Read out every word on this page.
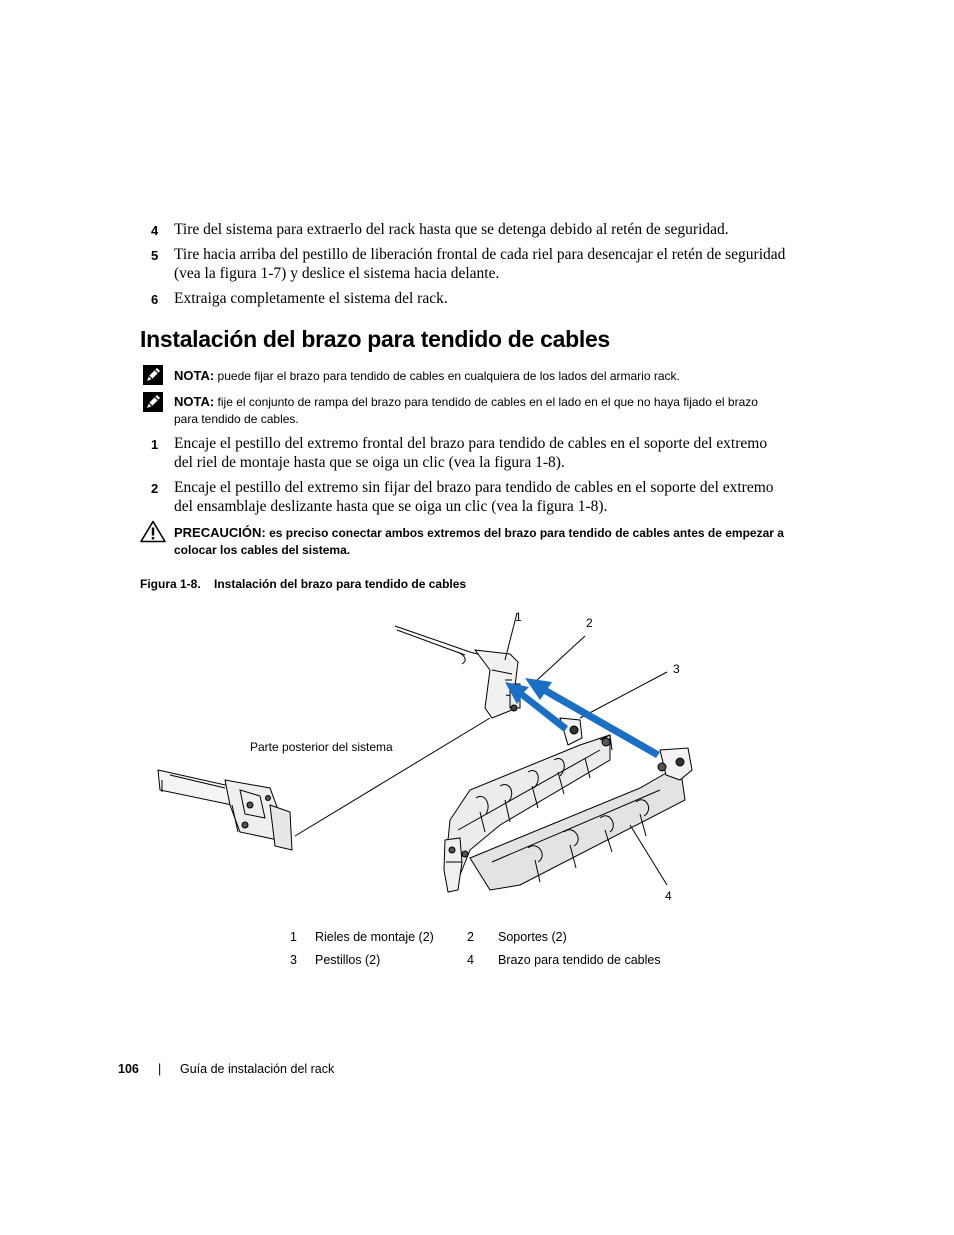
4 Tire del sistema para extraerlo del rack hasta que se detenga debido al retén de seguridad.
5 Tire hacia arriba del pestillo de liberación frontal de cada riel para desencajar el retén de seguridad (vea la figura 1-7) y deslice el sistema hacia delante.
6 Extraiga completamente el sistema del rack.
Instalación del brazo para tendido de cables
NOTA: puede fijar el brazo para tendido de cables en cualquiera de los lados del armario rack.
NOTA: fije el conjunto de rampa del brazo para tendido de cables en el lado en el que no haya fijado el brazo para tendido de cables.
1 Encaje el pestillo del extremo frontal del brazo para tendido de cables en el soporte del extremo del riel de montaje hasta que se oiga un clic (vea la figura 1-8).
2 Encaje el pestillo del extremo sin fijar del brazo para tendido de cables en el soporte del extremo del ensamblaje deslizante hasta que se oiga un clic (vea la figura 1-8).
PRECAUCIÓN: es preciso conectar ambos extremos del brazo para tendido de cables antes de empezar a colocar los cables del sistema.
Figura 1-8.    Instalación del brazo para tendido de cables
Parte posterior del sistema
1	2
3
4
1 Rieles de montaje (2)	2 Soportes (2)
3 Pestillos (2)	4 Brazo para tendido de cables
106 | Guía de instalación del rack
